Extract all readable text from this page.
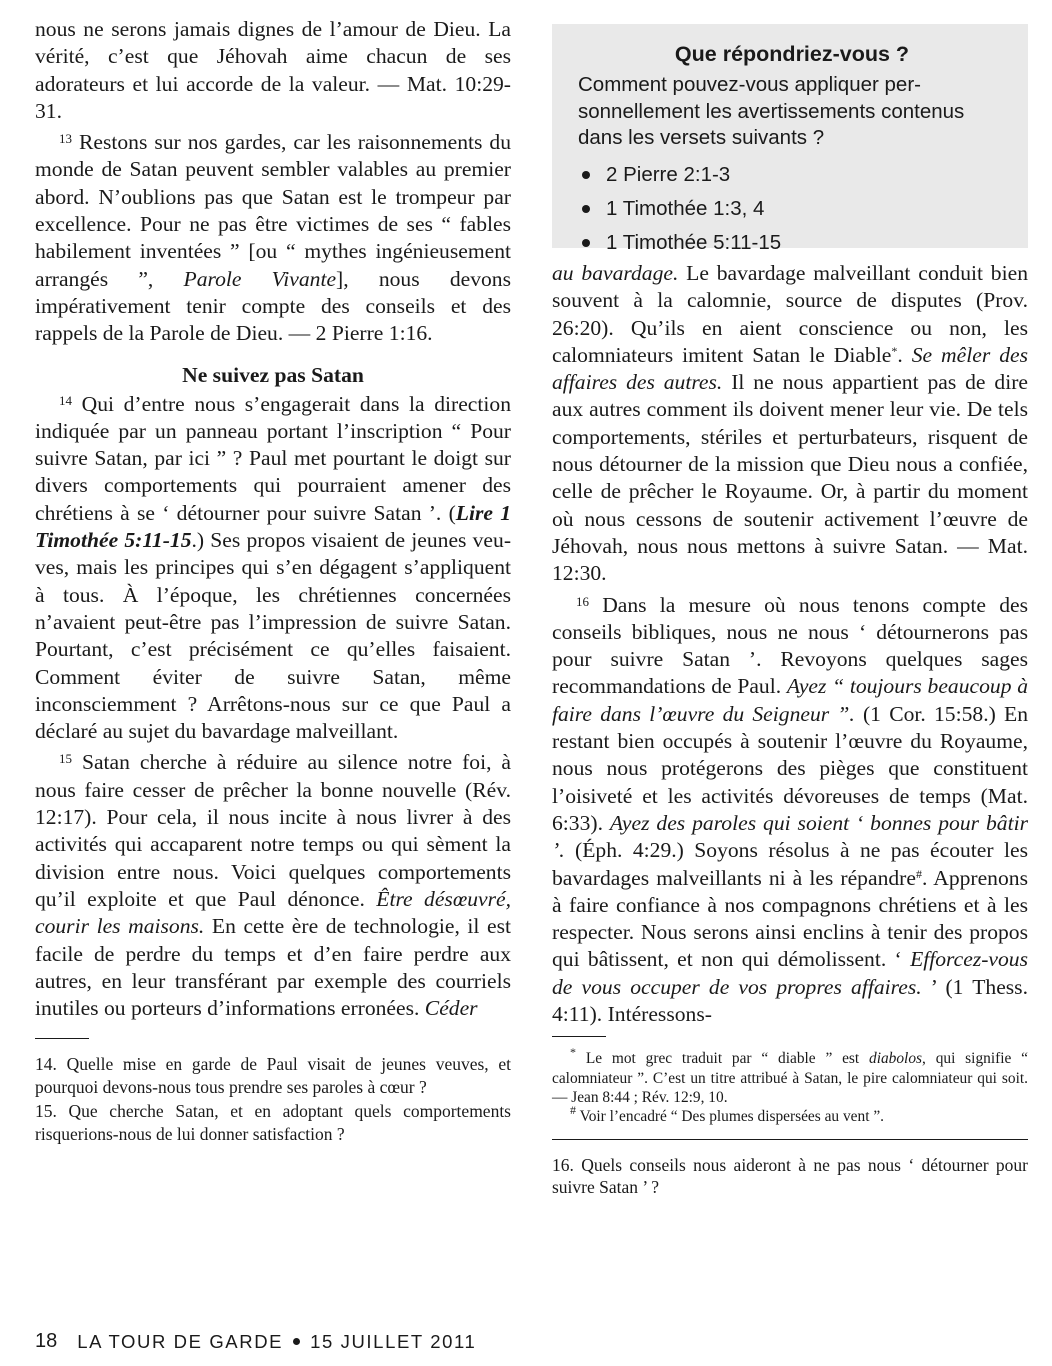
nous ne serons jamais dignes de l’amour de Dieu. La vérité, c’est que Jéhovah aime chacun de ses adorateurs et lui accorde de la valeur. — Mat. 10:29-31.

$^{13}$ Restons sur nos gardes, car les raisonnements du monde de Satan peuvent sembler valables au premier abord. N’oublions pas que Satan est le trompeur par excellence. Pour ne pas être victimes de ses “ fables habilement inventées ” [ou “ mythes ingénieusement arrangés ”, Parole Vivante], nous devons impérativement tenir compte des conseils et des rappels de la Parole de Dieu. — 2 Pierre 1:16.

Ne suivez pas Satan

$^{14}$ Qui d’entre nous s’engagerait dans la direction indiquée par un panneau portant l’inscription “ Pour suivre Satan, par ici ” ? Paul met pourtant le doigt sur divers comportements qui pourraient amener des chrétiens à se ‘ détourner pour suivre Satan ’. (Lire 1 Timothée 5:11-15.) Ses propos visaient de jeunes veuves, mais les principes qui s’en dégagent s’appliquent à tous. À l’époque, les chrétiennes concernées n’avaient peut-être pas l’impression de suivre Satan. Pourtant, c’est précisément ce qu’elles faisaient. Comment éviter de suivre Satan, même inconsciemment ? Arrêtons-nous sur ce que Paul a déclaré au sujet du bavardage malveillant.

$^{15}$ Satan cherche à réduire au silence notre foi, à nous faire cesser de prêcher la bonne nouvelle (Rév. 12:17). Pour cela, il nous incite à nous livrer à des activités qui accaparent notre temps ou qui sèment la division entre nous. Voici quelques comportements qu’il exploite et que Paul dénonce. Être désœuvré, courir les maisons. En cette ère de technologie, il est facile de perdre du temps et d’en faire perdre aux autres, en leur transférant par exemple des courriels inutiles ou porteurs d’informations erronées. Céder

14. Quelle mise en garde de Paul visait de jeunes veuves, et pourquoi devons-nous tous prendre ses paroles à cœur ?

15. Que cherche Satan, et en adoptant quels comportements risquerions-nous de lui donner satisfaction ?

Que répondriez-vous ?
Comment pouvez-vous appliquer personnellement les avertissements contenus dans les versets suivants ?
2 Pierre 2:1-3
1 Timothée 1:3, 4
1 Timothée 5:11-15

au bavardage. Le bavardage malveillant conduit bien souvent à la calomnie, source de disputes (Prov. 26:20). Qu’ils en aient conscience ou non, les calomniateurs imitent Satan le Diable*. Se mêler des affaires des autres. Il ne nous appartient pas de dire aux autres comment ils doivent mener leur vie. De tels comportements, stériles et perturbateurs, risquent de nous détourner de la mission que Dieu nous a confiée, celle de prêcher le Royaume. Or, à partir du moment où nous cessons de soutenir activement l’œuvre de Jéhovah, nous nous mettons à suivre Satan. — Mat. 12:30.

$^{16}$ Dans la mesure où nous tenons compte des conseils bibliques, nous ne nous ‘ détournerons pas pour suivre Satan ’. Revoyons quelques sages recommandations de Paul. Ayez “ toujours beaucoup à faire dans l’œuvre du Seigneur ”. (1 Cor. 15:58.) En restant bien occupés à soutenir l’œuvre du Royaume, nous nous protégerons des pièges que constituent l’oisiveté et les activités dévoreuses de temps (Mat. 6:33). Ayez des paroles qui soient ‘ bonnes pour bâtir ’. (Éph. 4:29.) Soyons résolus à ne pas écouter les bavardages malveillants ni à les répandre#. Apprenons à faire confiance à nos compagnons chrétiens et à les respecter. Nous serons ainsi enclins à tenir des propos qui bâtissent, et non qui démolissent. ‘ Efforcez-vous de vous occuper de vos propres affaires. ’ (1 Thess. 4:11). Intéressons-

* Le mot grec traduit par “ diable ” est diabolos, qui signifie “ calomniateur ”. C’est un titre attribué à Satan, le pire calomniateur qui soit. — Jean 8:44 ; Rév. 12:9, 10.

# Voir l’encadré “ Des plumes dispersées au vent ”.

16. Quels conseils nous aideront à ne pas nous ‘ détourner pour suivre Satan ’ ?

18 LA TOUR DE GARDE 15 JUILLET 2011
